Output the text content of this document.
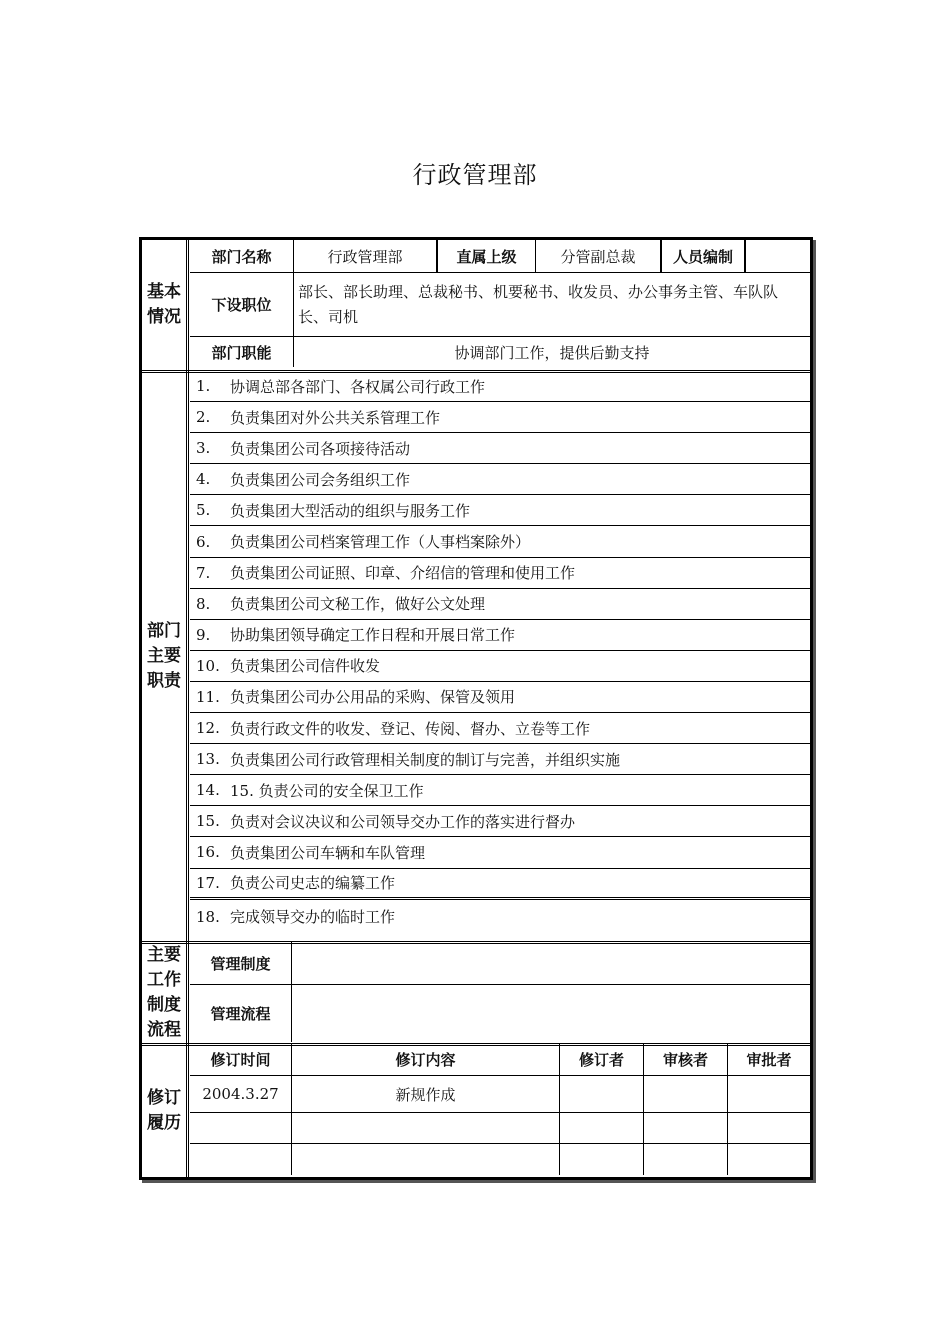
行政管理部
基本情况
部门名称	行政管理部	直属上级	分管副总裁	人员编制
下设职位
部长、部长助理、总裁秘书、机要秘书、收发员、办公事务主管、车队队长、司机
部门职能	协调部门工作，提供后勤支持
部门主要职责
1.	协调总部各部门、各权属公司行政工作
2.	负责集团对外公共关系管理工作
3.	负责集团公司各项接待活动
4.	负责集团公司会务组织工作
5.	负责集团大型活动的组织与服务工作
6.	负责集团公司档案管理工作（人事档案除外）
7.	负责集团公司证照、印章、介绍信的管理和使用工作
8.	负责集团公司文秘工作，做好公文处理
9.	协助集团领导确定工作日程和开展日常工作
10. 负责集团公司信件收发
11. 负责集团公司办公用品的采购、保管及领用
12. 负责行政文件的收发、登记、传阅、督办、立卷等工作
13. 负责集团公司行政管理相关制度的制订与完善，并组织实施
14. 15. 负责公司的安全保卫工作
15. 负责对会议决议和公司领导交办工作的落实进行督办
16. 负责集团公司车辆和车队管理
17. 负责公司史志的编纂工作
18. 完成领导交办的临时工作
主要工作制度流程
管理制度
管理流程
修订履历
修订时间	修订内容	修订者	审核者	审批者
2004.3.27	新规作成
